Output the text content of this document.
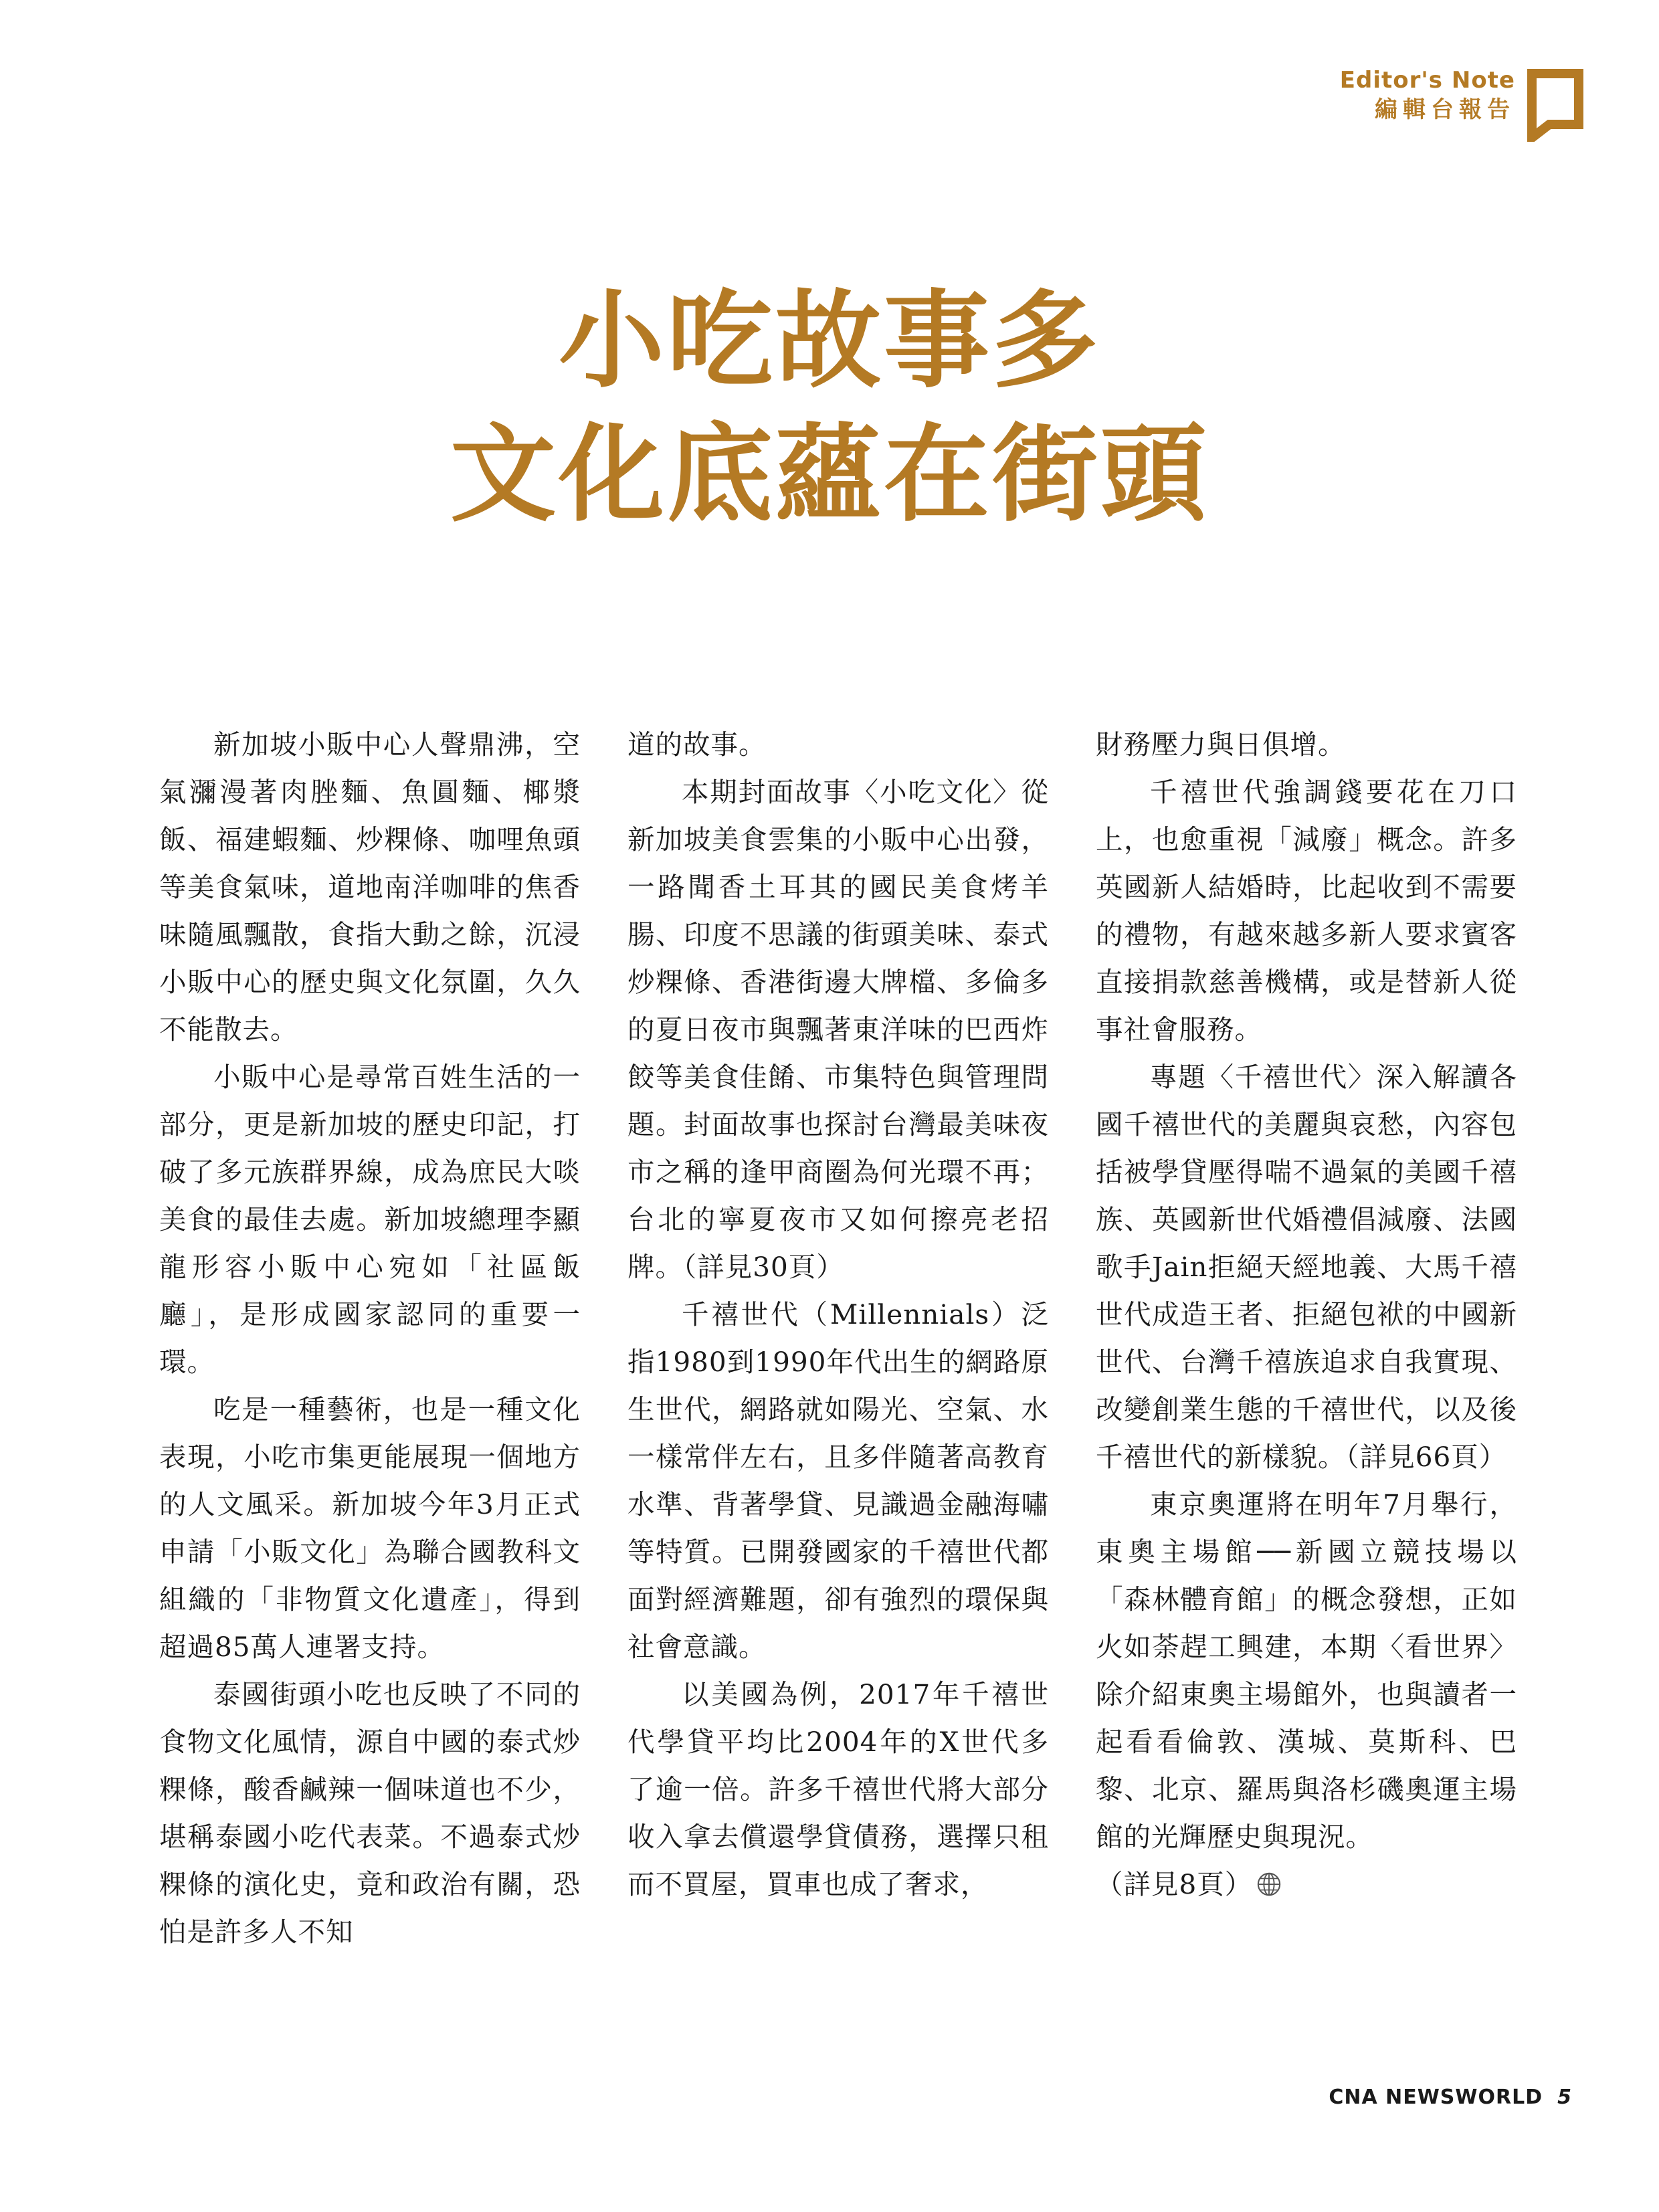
Editor's Note
編輯台報告
小吃故事多
文化底蘊在街頭

新加坡小販中心人聲鼎沸，空氣瀰漫著肉脞麵、魚圓麵、椰漿飯、福建蝦麵、炒粿條、咖哩魚頭等美食氣味，道地南洋咖啡的焦香味隨風飄散，食指大動之餘，沉浸小販中心的歷史與文化氛圍，久久不能散去。

小販中心是尋常百姓生活的一部分，更是新加坡的歷史印記，打破了多元族群界線，成為庶民大啖美食的最佳去處。新加坡總理李顯龍形容小販中心宛如「社區飯廳」，是形成國家認同的重要一環。

吃是一種藝術，也是一種文化表現，小吃市集更能展現一個地方的人文風采。新加坡今年3月正式申請「小販文化」為聯合國教科文組織的「非物質文化遺產」，得到超過85萬人連署支持。

泰國街頭小吃也反映了不同的食物文化風情，源自中國的泰式炒粿條，酸香鹹辣一個味道也不少，堪稱泰國小吃代表菜。不過泰式炒粿條的演化史，竟和政治有關，恐怕是許多人不知

道的故事。

本期封面故事〈小吃文化〉從新加坡美食雲集的小販中心出發，一路聞香土耳其的國民美食烤羊腸、印度不思議的街頭美味、泰式炒粿條、香港街邊大牌檔、多倫多的夏日夜市與飄著東洋味的巴西炸餃等美食佳餚、市集特色與管理問題。封面故事也探討台灣最美味夜市之稱的逢甲商圈為何光環不再；台北的寧夏夜市又如何擦亮老招牌。（詳見30頁）

千禧世代（Millennials）泛指1980到1990年代出生的網路原生世代，網路就如陽光、空氣、水一樣常伴左右，且多伴隨著高教育水準、背著學貸、見識過金融海嘯等特質。已開發國家的千禧世代都面對經濟難題，卻有強烈的環保與社會意識。

以美國為例，2017年千禧世代學貸平均比2004年的X世代多了逾一倍。許多千禧世代將大部分收入拿去償還學貸債務，選擇只租而不買屋，買車也成了奢求，

財務壓力與日俱增。

千禧世代強調錢要花在刀口上，也愈重視「減廢」概念。許多英國新人結婚時，比起收到不需要的禮物，有越來越多新人要求賓客直接捐款慈善機構，或是替新人從事社會服務。

專題〈千禧世代〉深入解讀各國千禧世代的美麗與哀愁，內容包括被學貸壓得喘不過氣的美國千禧族、英國新世代婚禮倡減廢、法國歌手Jain拒絕天經地義、大馬千禧世代成造王者、拒絕包袱的中國新世代、台灣千禧族追求自我實現、改變創業生態的千禧世代，以及後千禧世代的新樣貌。（詳見66頁）

東京奧運將在明年7月舉行，東奧主場館──新國立競技場以「森林體育館」的概念發想，正如火如荼趕工興建，本期〈看世界〉除介紹東奧主場館外，也與讀者一起看看倫敦、漢城、莫斯科、巴黎、北京、羅馬與洛杉磯奧運主場館的光輝歷史與現況。

（詳見8頁）

CNA NEWSWORLD 5
